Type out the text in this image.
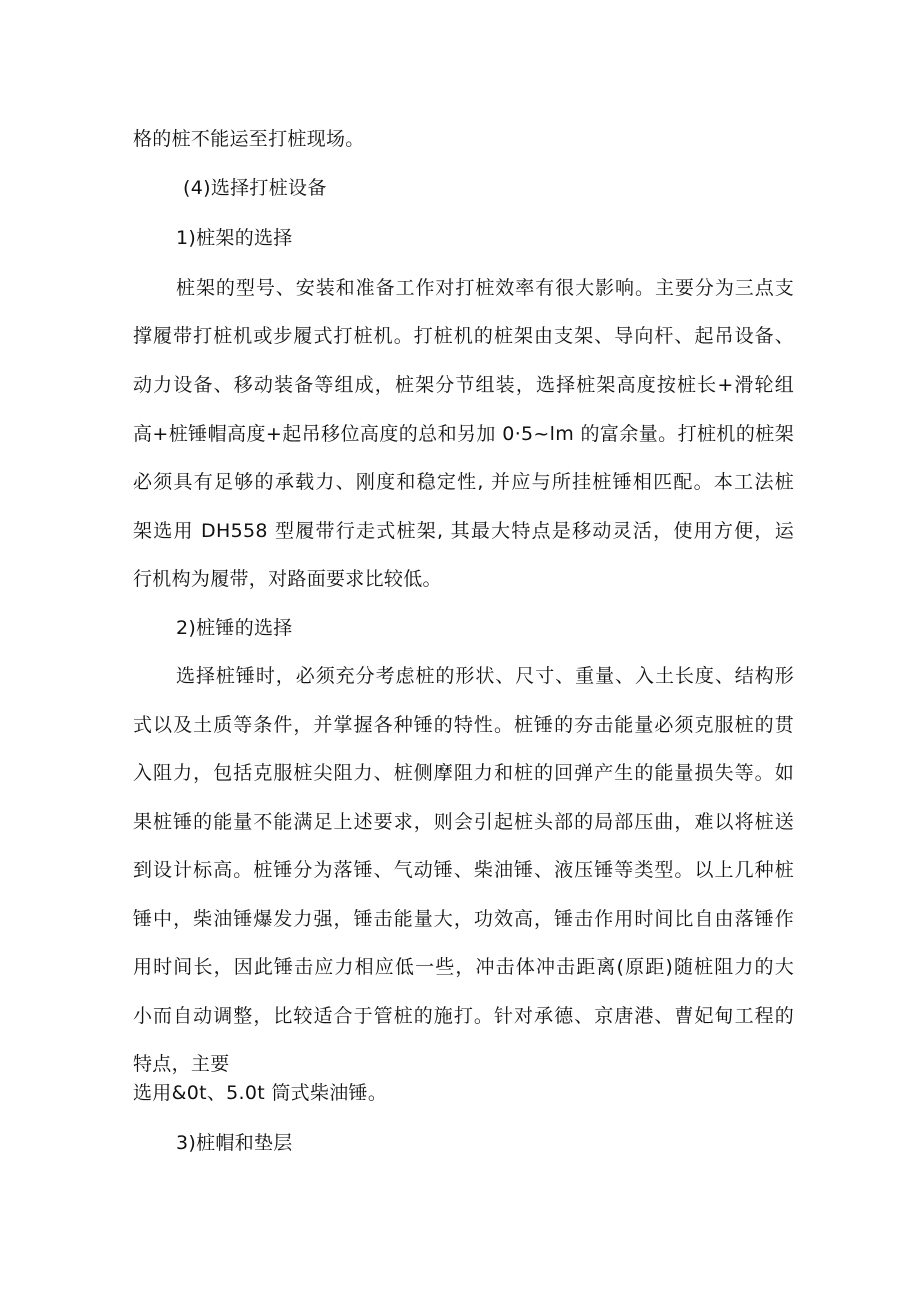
格的桩不能运至打桩现场。
(4)选择打桩设备
1)桩架的选择
桩架的型号、安装和准备工作对打桩效率有很大影响。主要分为三点支
撑履带打桩机或步履式打桩机。打桩机的桩架由支架、导向杆、起吊设备、
动力设备、移动装备等组成，桩架分节组装，选择桩架高度按桩长+滑轮组
高+桩锤帽高度+起吊移位高度的总和另加 0·5~lm 的富余量。打桩机的桩架
必须具有足够的承载力、刚度和稳定性, 并应与所挂桩锤相匹配。本工法桩
架选用 DH558 型履带行走式桩架, 其最大特点是移动灵活，使用方便，运
行机构为履带，对路面要求比较低。
2)桩锤的选择
选择桩锤时，必须充分考虑桩的形状、尺寸、重量、入土长度、结构形
式以及土质等条件，并掌握各种锤的特性。桩锤的夯击能量必须克服桩的贯
入阻力，包括克服桩尖阻力、桩侧摩阻力和桩的回弹产生的能量损失等。如
果桩锤的能量不能满足上述要求，则会引起桩头部的局部压曲，难以将桩送
到设计标高。桩锤分为落锤、气动锤、柴油锤、液压锤等类型。以上几种桩
锤中，柴油锤爆发力强，锤击能量大，功效高，锤击作用时间比自由落锤作
用时间长，因此锤击应力相应低一些，冲击体冲击距离(原距)随桩阻力的大
小而自动调整，比较适合于管桩的施打。针对承德、京唐港、曹妃甸工程的
特点，主要
选用&0t、5.0t 筒式柴油锤。
3)桩帽和垫层
